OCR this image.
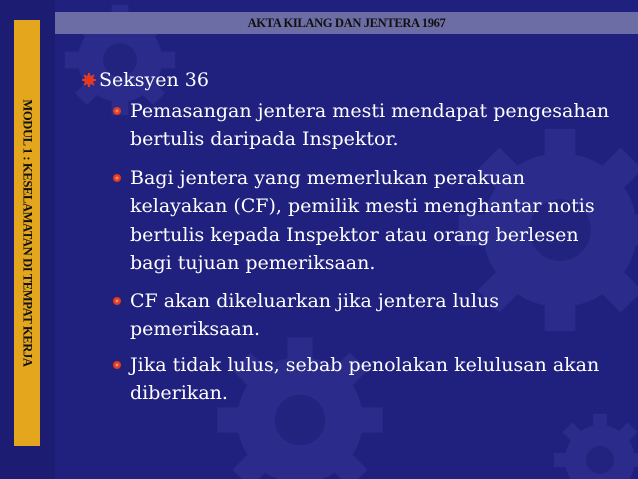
MODUL 1 : KESELAMATAN DI TEMPAT KERJA
AKTA KILANG DAN JENTERA 1967
Seksyen 36
Pemasangan jentera mesti mendapat pengesahan
bertulis daripada Inspektor.
Bagi jentera yang memerlukan perakuan
kelayakan (CF), pemilik mesti menghantar notis
bertulis kepada Inspektor atau orang berlesen
bagi tujuan pemeriksaan.
CF akan dikeluarkan jika jentera lulus
pemeriksaan.
Jika tidak lulus, sebab penolakan kelulusan akan
diberikan.
